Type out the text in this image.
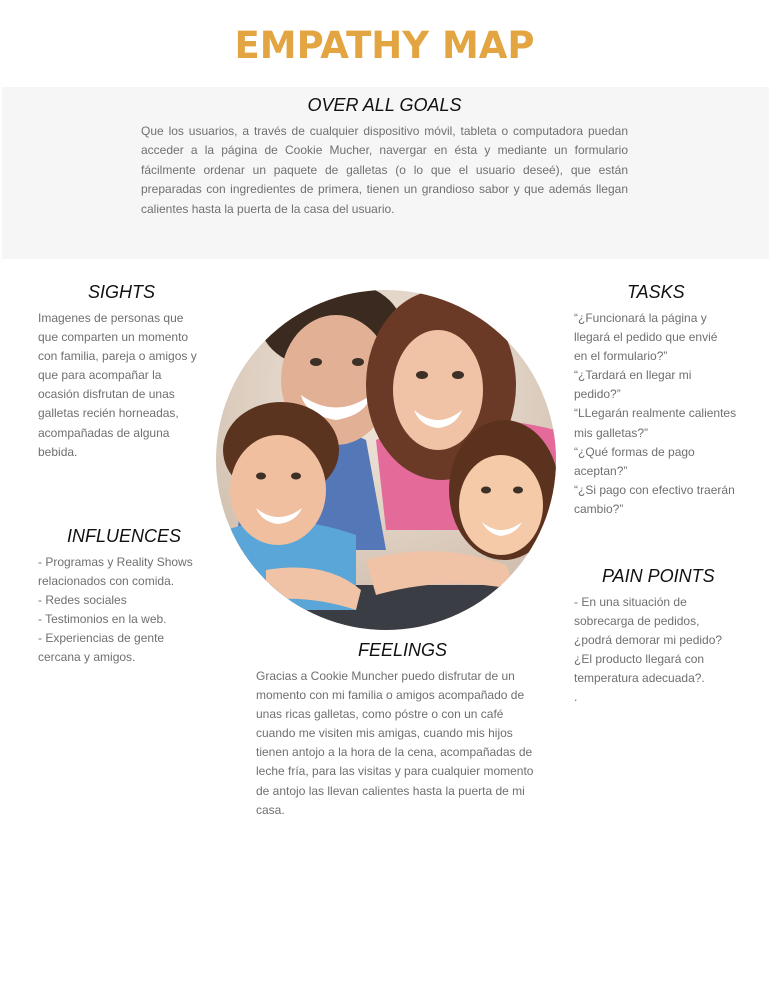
EMPATHY MAP
OVER ALL GOALS

Que los usuarios, a través de cualquier dispositivo móvil, tableta o computadora puedan acceder a la página de Cookie Mucher, navergar en ésta y mediante un formulario fácilmente ordenar un paquete de galletas (o lo que el usuario deseé), que están preparadas con ingredientes de primera, tienen un grandioso sabor y que además llegan calientes hasta la puerta de la casa del usuario.

SIGHTS
Imagenes de personas que
que comparten un momento
con familia, pareja o amigos y
que para acompañar la
ocasión disfrutan de unas
galletas recién horneadas,
acompañadas de alguna
bebida.
TASKS
“¿Funcionará la página y
llegará el pedido que envié
en el formulario?”
“¿Tardará en llegar mi
pedido?”
“LLegarán realmente calientes
mis galletas?”
“¿Qué formas de pago
aceptan?”
“¿Si pago con efectivo traerán
cambio?”
INFLUENCES
- Programas y Reality Shows
relacionados con comida.
- Redes sociales
- Testimonios en la web.
- Experiencias de gente
cercana y amigos.
PAIN POINTS
- En una situación de
sobrecarga de pedidos,
¿podrá demorar mi pedido?
¿El producto llegará con
temperatura adecuada?.
.
FEELINGS
Gracias a Cookie Muncher puedo disfrutar de un
momento con mi familia o amigos acompañado de
unas ricas galletas, como póstre o con un café
cuando me visiten mis amigas, cuando mis hijos
tienen antojo a la hora de la cena, acompañadas de
leche fría, para las visitas y para cualquier momento
de antojo las llevan calientes hasta la puerta de mi
casa.
